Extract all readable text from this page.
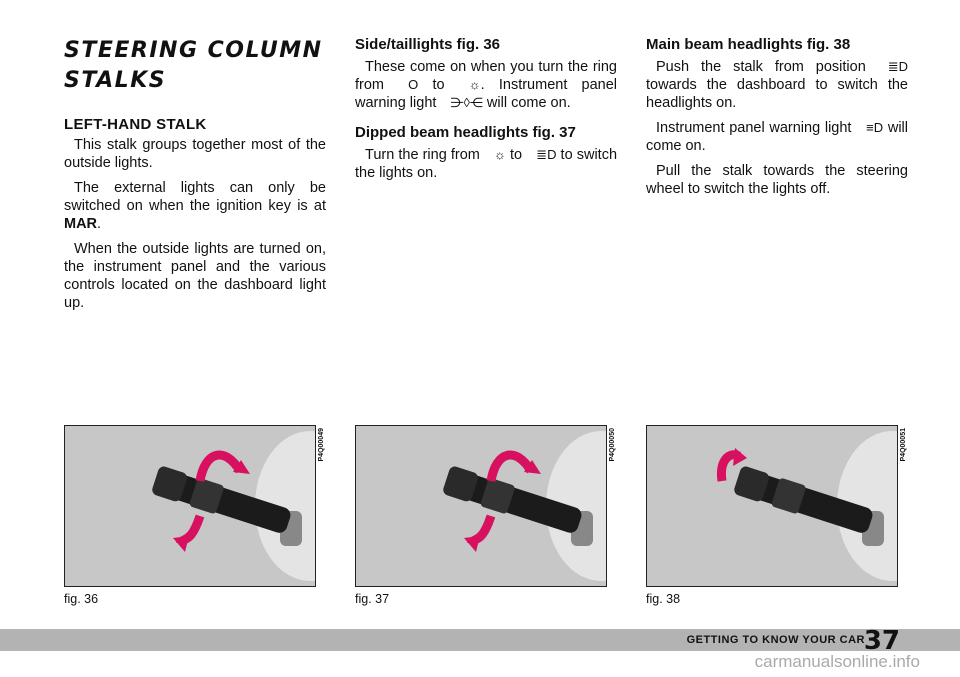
STEERING COLUMN
STALKS
LEFT-HAND STALK

This stalk groups together most of the outside lights.

The external lights can only be switched on when the ignition key is at MAR.

When the outside lights are turned on, the instrument panel and the various controls located on the dashboard light up.

Side/taillights fig. 36

These come on when you turn the ring from O to ☼. Instrument panel warning light ⋺◊⋲ will come on.

Dipped beam headlights fig. 37

Turn the ring from ☼ to ≣D to switch the lights on.

Main beam headlights fig. 38

Push the stalk from position ≣D towards the dashboard to switch the headlights on.

Instrument panel warning light ≡D will come on.

Pull the stalk towards the steering wheel to switch the lights off.

P4Q00049	P4Q00050	P4Q00051
fig. 36	fig. 37	fig. 38
GETTING TO KNOW YOUR CAR
37
carmanualsonline.info
